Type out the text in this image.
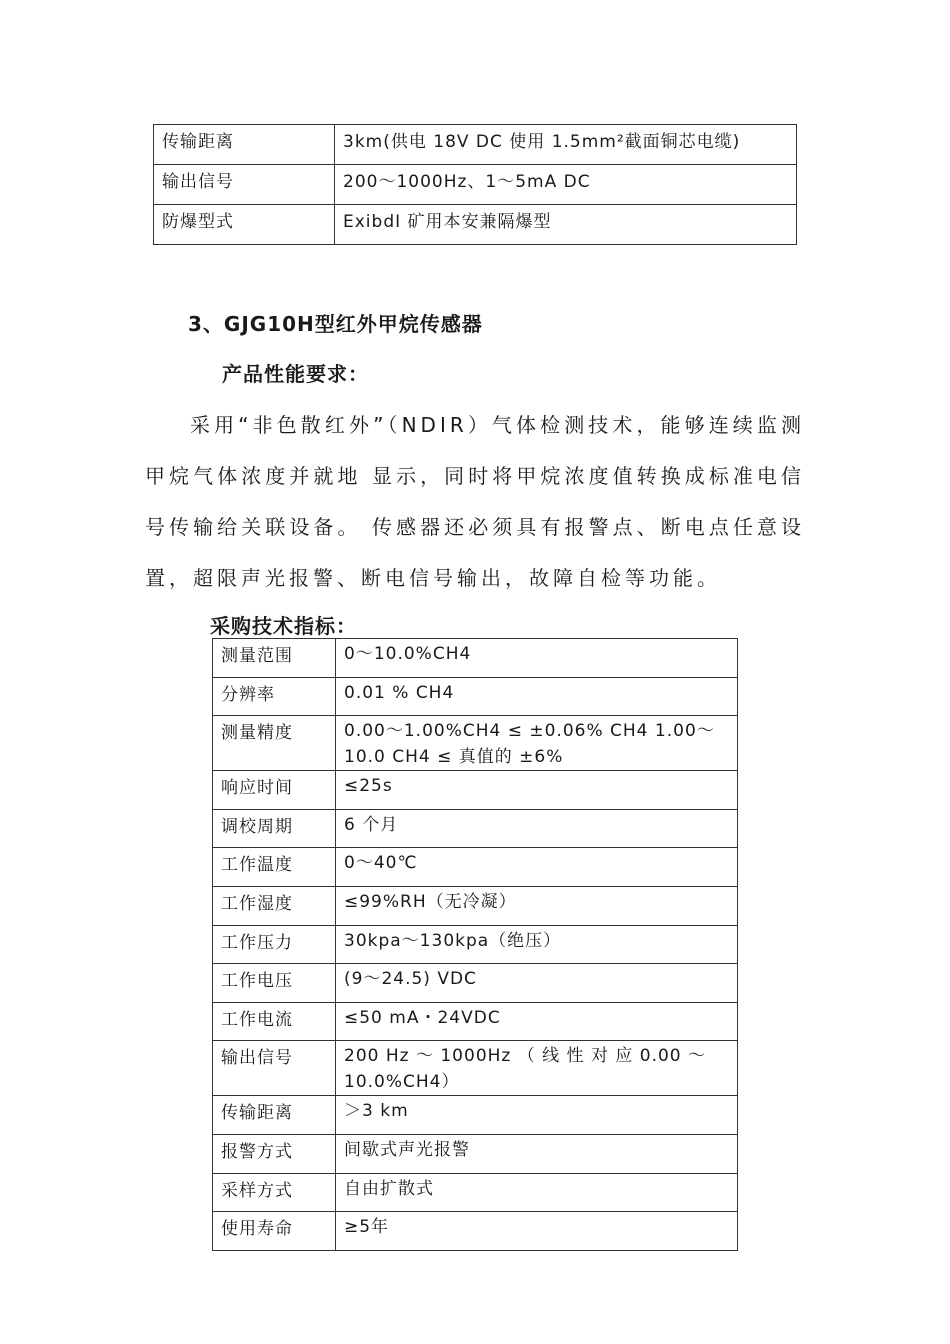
传输距离	3km(供电 18V DC 使用 1.5mm²截面铜芯电缆)
输出信号	200～1000Hz、1～5mA DC
防爆型式	ExibdⅠ 矿用本安兼隔爆型
3、GJG10H型红外甲烷传感器
产品性能要求：

采用“非色散红外”（NDIR）气体检测技术，能够连续监测甲烷气体浓度并就地 显示，同时将甲烷浓度值转换成标准电信号传输给关联设备。 传感器还必须具有报警点、断电点任意设置，超限声光报警、断电信号输出，故障自检等功能。

采购技术指标：
测量范围	0～10.0%CH4
分辨率	0.01 % CH4
测量精度	0.00～1.00%CH4 ≤ ±0.06% CH4 1.00～10.0 CH4 ≤ 真值的 ±6%
响应时间	≤25s
调校周期	6 个月
工作温度	0～40℃
工作湿度	≤99%RH（无冷凝）
工作压力	30kpa～130kpa（绝压）
工作电压	(9～24.5) VDC
工作电流	≤50 mA・24VDC
输出信号	200 Hz ～ 1000Hz （ 线 性 对 应 0.00 ～ 10.0%CH4）
传输距离	＞3 km
报警方式	间歇式声光报警
采样方式	自由扩散式
使用寿命	≥5年
